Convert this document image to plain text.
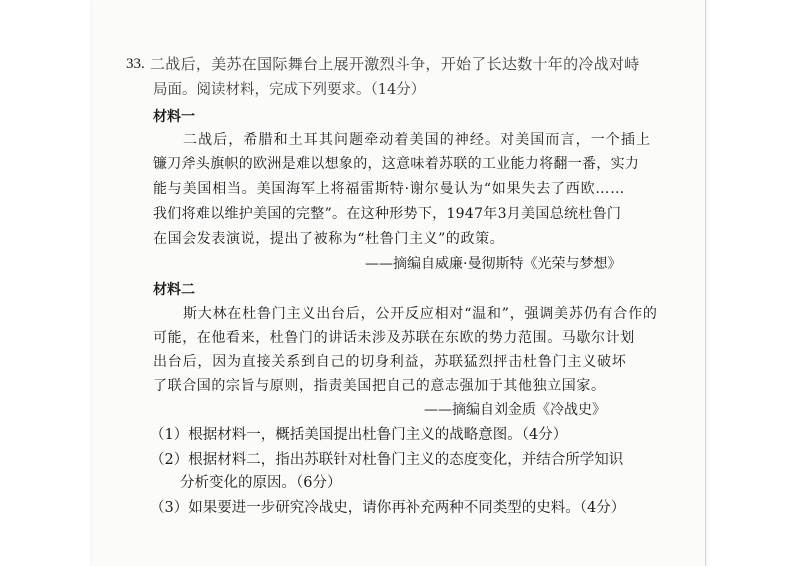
33. 二战后，美苏在国际舞台上展开激烈斗争，开始了长达数十年的冷战对峙
局面。阅读材料，完成下列要求。（14分）
材料一
二战后，希腊和土耳其问题牵动着美国的神经。对美国而言，一个插上
镰刀斧头旗帜的欧洲是难以想象的，这意味着苏联的工业能力将翻一番，实力
能与美国相当。美国海军上将福雷斯特·谢尔曼认为“如果失去了西欧……
我们将难以维护美国的完整”。在这种形势下，1947年3月美国总统杜鲁门
在国会发表演说，提出了被称为“杜鲁门主义”的政策。
——摘编自威廉·曼彻斯特《光荣与梦想》
材料二
斯大林在杜鲁门主义出台后，公开反应相对“温和”，强调美苏仍有合作的
可能，在他看来，杜鲁门的讲话未涉及苏联在东欧的势力范围。马歇尔计划
出台后，因为直接关系到自己的切身利益，苏联猛烈抨击杜鲁门主义破坏
了联合国的宗旨与原则，指责美国把自己的意志强加于其他独立国家。
——摘编自刘金质《冷战史》
（1）根据材料一，概括美国提出杜鲁门主义的战略意图。（4分）
（2）根据材料二，指出苏联针对杜鲁门主义的态度变化，并结合所学知识
分析变化的原因。（6分）
（3）如果要进一步研究冷战史，请你再补充两种不同类型的史料。（4分）
